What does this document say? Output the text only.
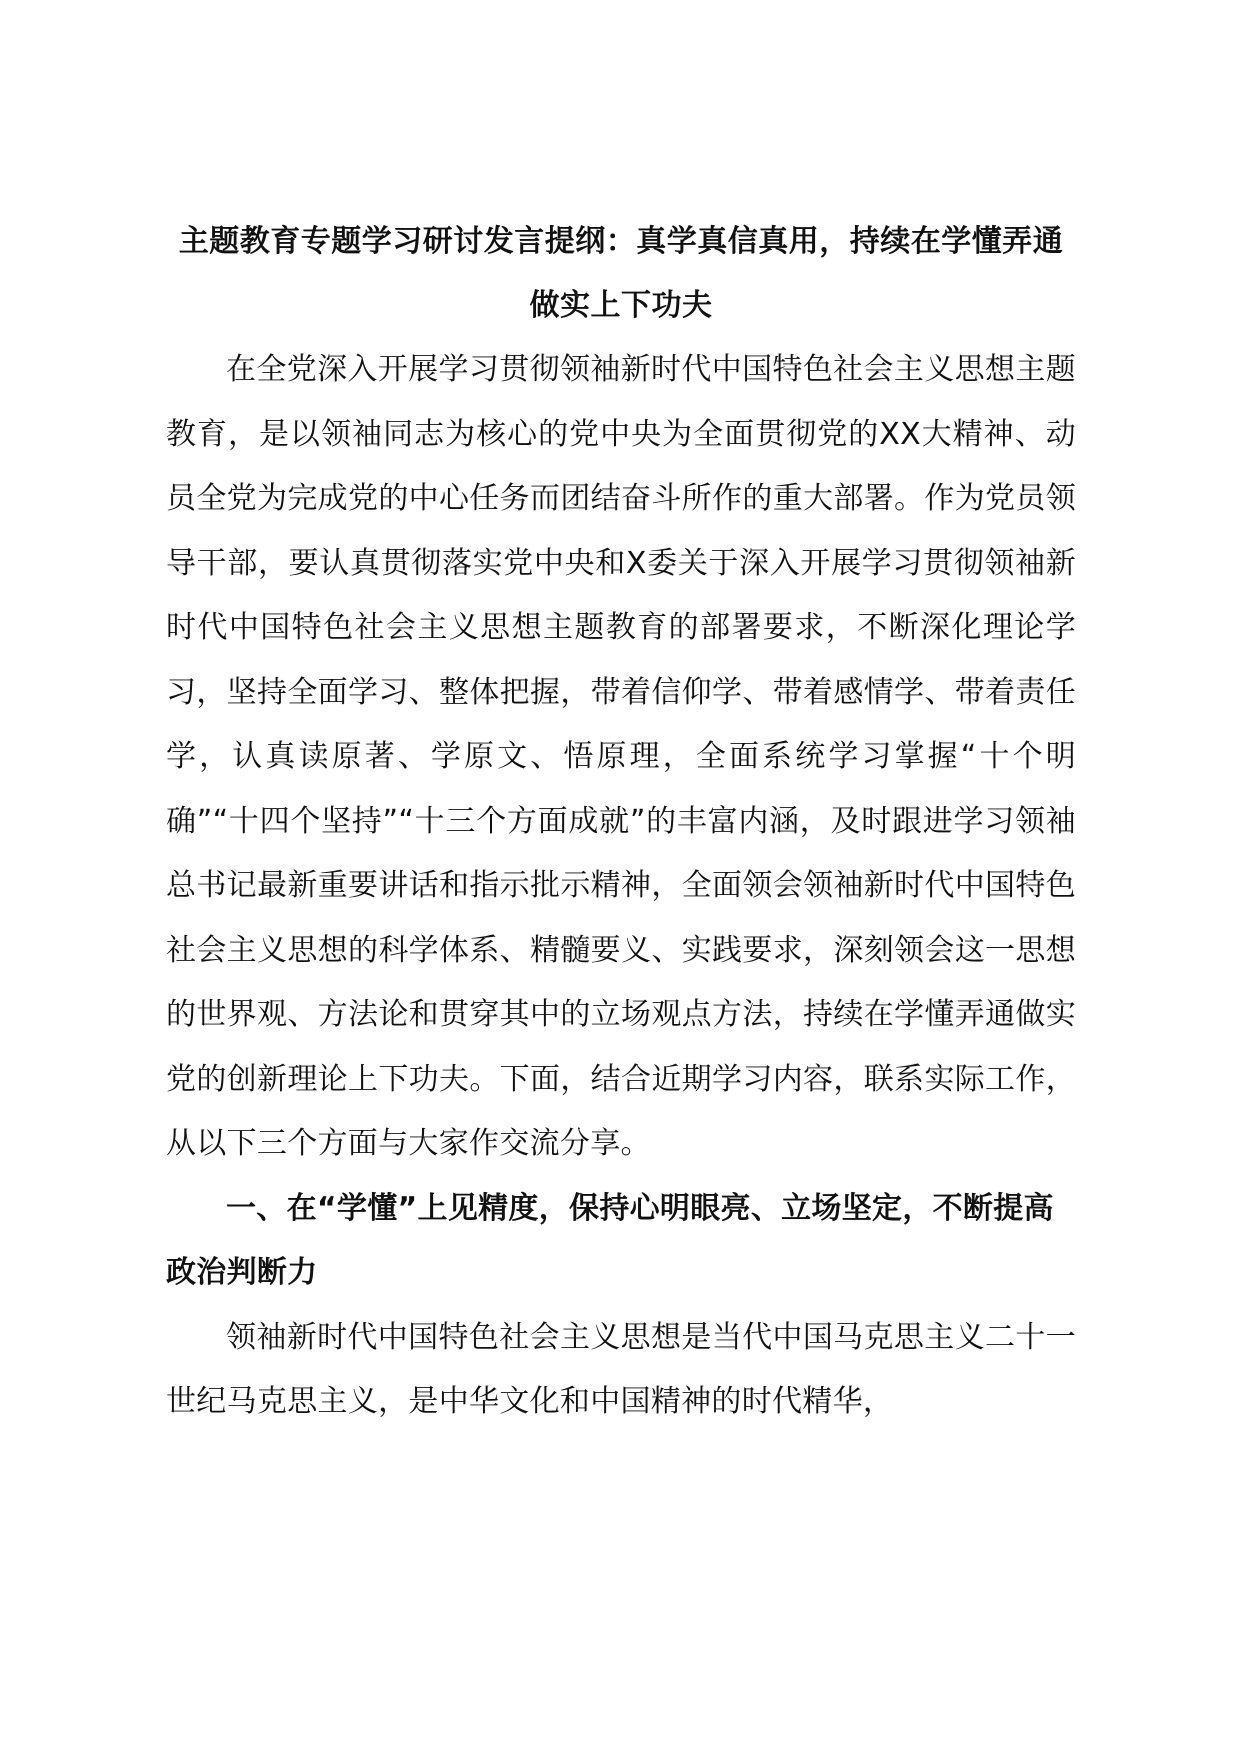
主题教育专题学习研讨发言提纲：真学真信真用，持续在学懂弄通做实上下功夫

在全党深入开展学习贯彻领袖新时代中国特色社会主义思想主题教育，是以领袖同志为核心的党中央为全面贯彻党的XX大精神、动员全党为完成党的中心任务而团结奋斗所作的重大部署。作为党员领导干部，要认真贯彻落实党中央和X委关于深入开展学习贯彻领袖新时代中国特色社会主义思想主题教育的部署要求，不断深化理论学习，坚持全面学习、整体把握，带着信仰学、带着感情学、带着责任学，认真读原著、学原文、悟原理，全面系统学习掌握“十个明确”“十四个坚持”“十三个方面成就”的丰富内涵，及时跟进学习领袖总书记最新重要讲话和指示批示精神，全面领会领袖新时代中国特色社会主义思想的科学体系、精髓要义、实践要求，深刻领会这一思想的世界观、方法论和贯穿其中的立场观点方法，持续在学懂弄通做实党的创新理论上下功夫。下面，结合近期学习内容，联系实际工作，从以下三个方面与大家作交流分享。

一、在“学懂”上见精度，保持心明眼亮、立场坚定，不断提高政治判断力

领袖新时代中国特色社会主义思想是当代中国马克思主义二十一世纪马克思主义，是中华文化和中国精神的时代精华，
